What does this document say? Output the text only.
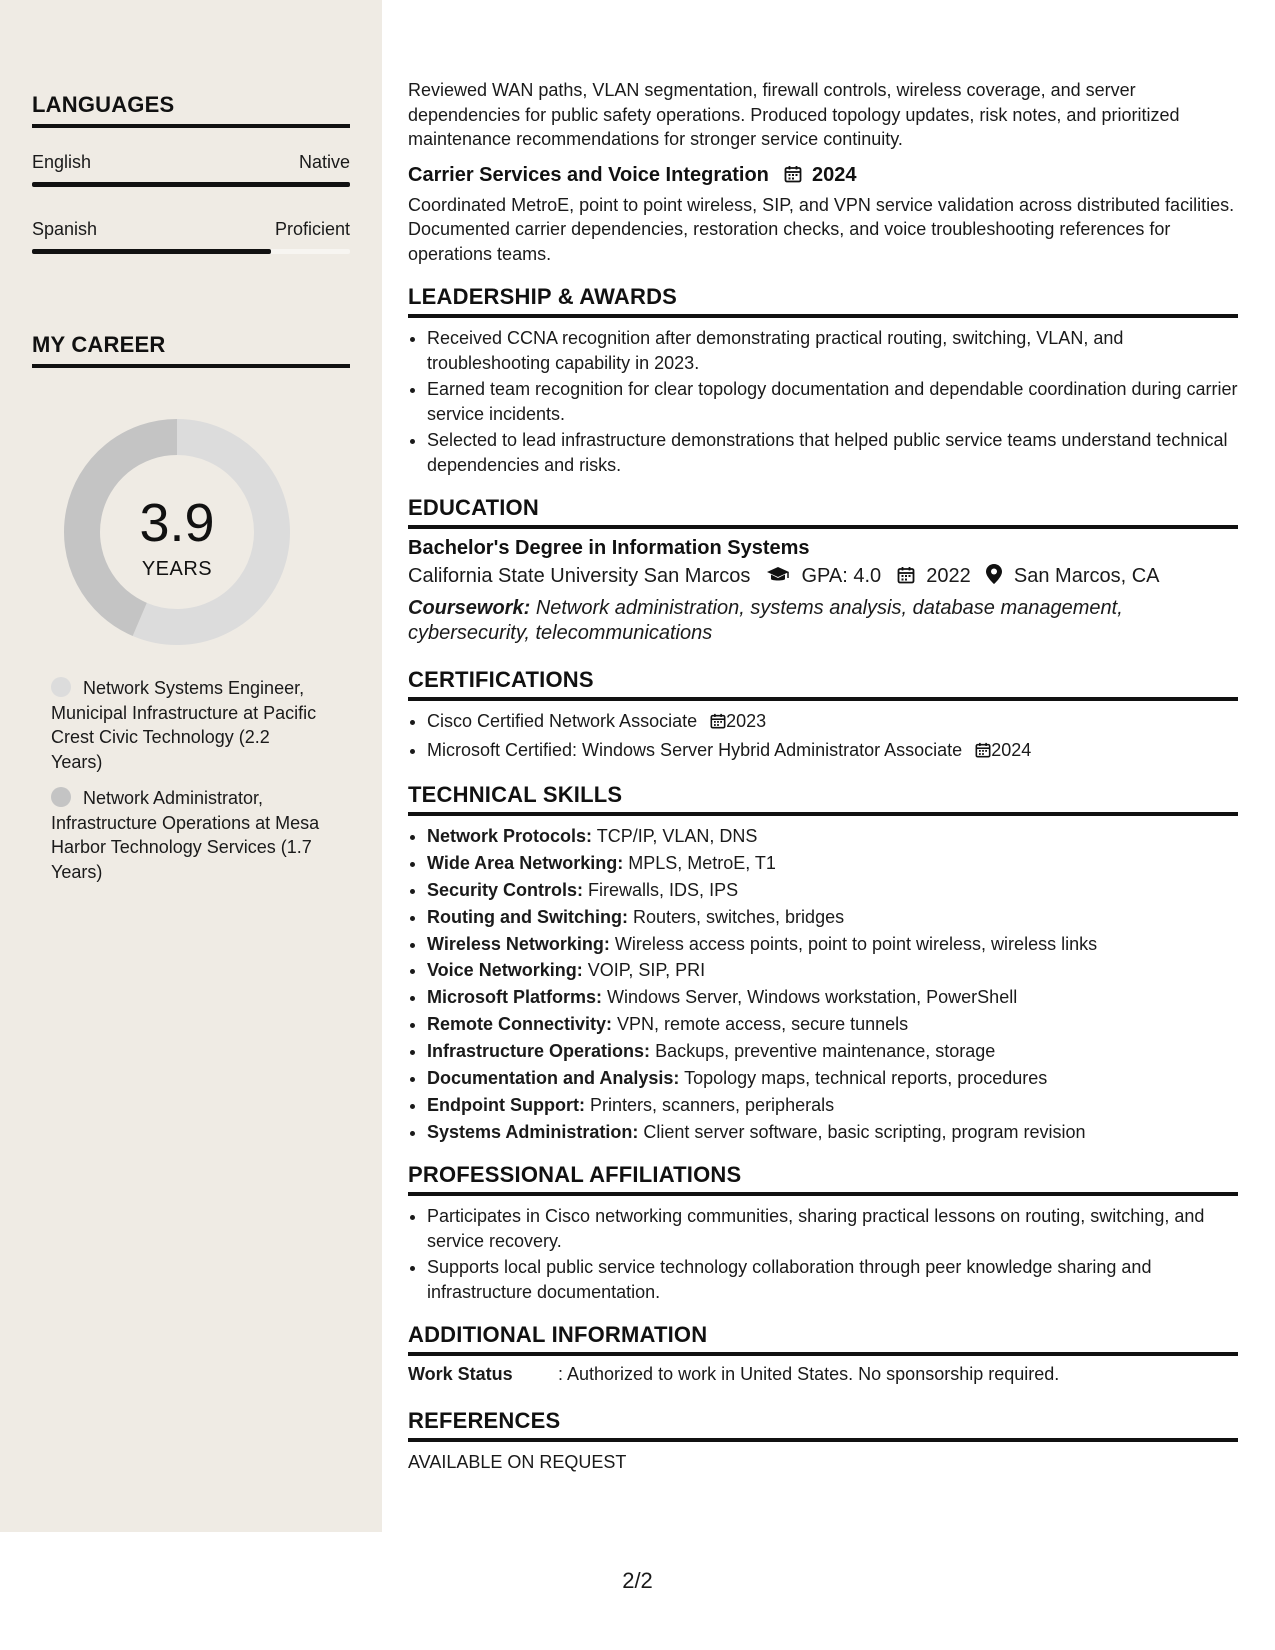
LANGUAGES
English	Native
Spanish	Proficient
MY CAREER
3.9
YEARS
Network Systems Engineer, Municipal Infrastructure at Pacific Crest Civic Technology (2.2 Years)
Network Administrator, Infrastructure Operations at Mesa Harbor Technology Services (1.7 Years)

Reviewed WAN paths, VLAN segmentation, firewall controls, wireless coverage, and server dependencies for public safety operations. Produced topology updates, risk notes, and prioritized maintenance recommendations for stronger service continuity.

Carrier Services and Voice Integration 2024

Coordinated MetroE, point to point wireless, SIP, and VPN service validation across distributed facilities. Documented carrier dependencies, restoration checks, and voice troubleshooting references for operations teams.

LEADERSHIP & AWARDS
• Received CCNA recognition after demonstrating practical routing, switching, VLAN, and troubleshooting capability in 2023.
• Earned team recognition for clear topology documentation and dependable coordination during carrier service incidents.
• Selected to lead infrastructure demonstrations that helped public service teams understand technical dependencies and risks.
EDUCATION
Bachelor's Degree in Information Systems
California State University San Marcos	GPA: 4.0 2022 San Marcos, CA
Coursework: Network administration, systems analysis, database management, cybersecurity, telecommunications
CERTIFICATIONS
• Cisco Certified Network Associate 2023
• Microsoft Certified: Windows Server Hybrid Administrator Associate 2024
TECHNICAL SKILLS
• Network Protocols: TCP/IP, VLAN, DNS
• Wide Area Networking: MPLS, MetroE, T1
• Security Controls: Firewalls, IDS, IPS
• Routing and Switching: Routers, switches, bridges
• Wireless Networking: Wireless access points, point to point wireless, wireless links
• Voice Networking: VOIP, SIP, PRI
• Microsoft Platforms: Windows Server, Windows workstation, PowerShell
• Remote Connectivity: VPN, remote access, secure tunnels
• Infrastructure Operations: Backups, preventive maintenance, storage
• Documentation and Analysis: Topology maps, technical reports, procedures
• Endpoint Support: Printers, scanners, peripherals
• Systems Administration: Client server software, basic scripting, program revision
PROFESSIONAL AFFILIATIONS
• Participates in Cisco networking communities, sharing practical lessons on routing, switching, and service recovery.
• Supports local public service technology collaboration through peer knowledge sharing and infrastructure documentation.
ADDITIONAL INFORMATION
Work Status	: Authorized to work in United States. No sponsorship required.
REFERENCES
AVAILABLE ON REQUEST
2/2
